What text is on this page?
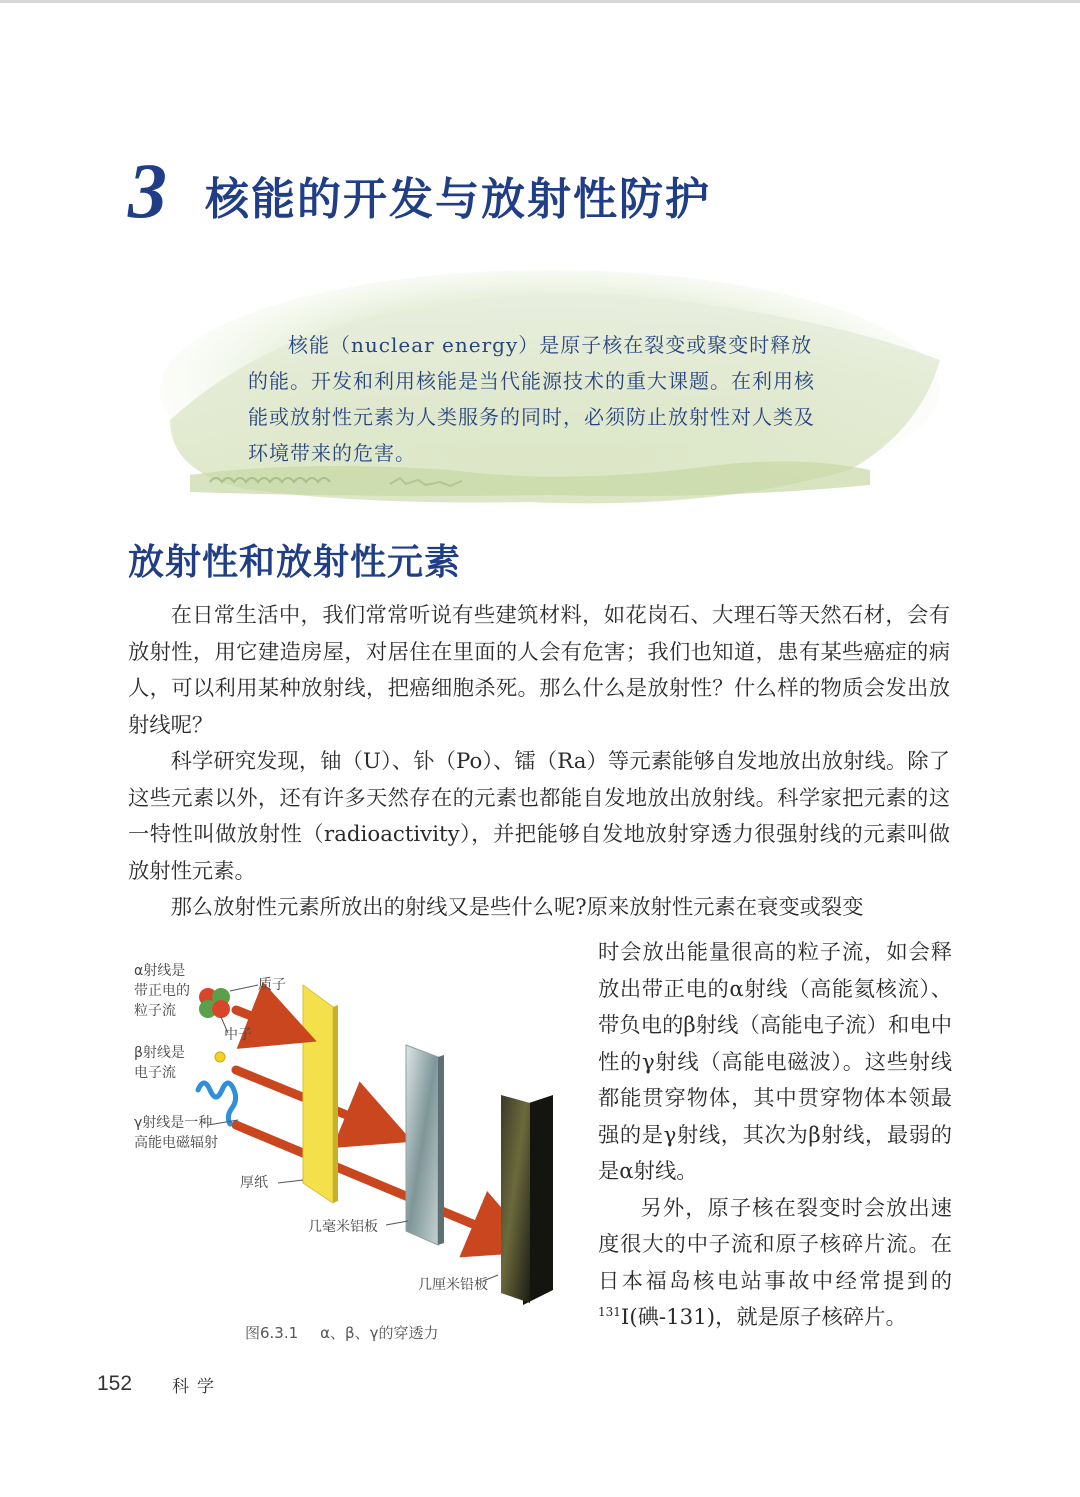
3 核能的开发与放射性防护

核能（nuclear energy）是原子核在裂变或聚变时释放的能。开发和利用核能是当代能源技术的重大课题。在利用核能或放射性元素为人类服务的同时，必须防止放射性对人类及环境带来的危害。

放射性和放射性元素

在日常生活中，我们常常听说有些建筑材料，如花岗石、大理石等天然石材，会有放射性，用它建造房屋，对居住在里面的人会有危害；我们也知道，患有某些癌症的病人，可以利用某种放射线，把癌细胞杀死。那么什么是放射性？什么样的物质会发出放射线呢？

科学研究发现，铀（U）、钋（Po）、镭（Ra）等元素能够自发地放出放射线。除了这些元素以外，还有许多天然存在的元素也都能自发地放出放射线。科学家把元素的这一特性叫做放射性（radioactivity），并把能够自发地放射穿透力很强射线的元素叫做放射性元素。

那么放射性元素所放出的射线又是些什么呢?原来放射性元素在衰变或裂变

时会放出能量很高的粒子流，如会释放出带正电的α射线（高能氦核流）、带负电的β射线（高能电子流）和电中性的γ射线（高能电磁波）。这些射线都能贯穿物体，其中贯穿物体本领最强的是γ射线，其次为β射线，最弱的是α射线。

另外，原子核在裂变时会放出速度很大的中子流和原子核碎片流。在日本福岛核电站事故中经常提到的$^{131}$I(碘-131)，就是原子核碎片。

α射线是
带正电的
粒子流
质子
中子
β射线是
电子流
γ射线是一种
高能电磁辐射
厚纸
几毫米铝板
几厘米铅板
图6.3.1 α、β、γ的穿透力
152 科学
